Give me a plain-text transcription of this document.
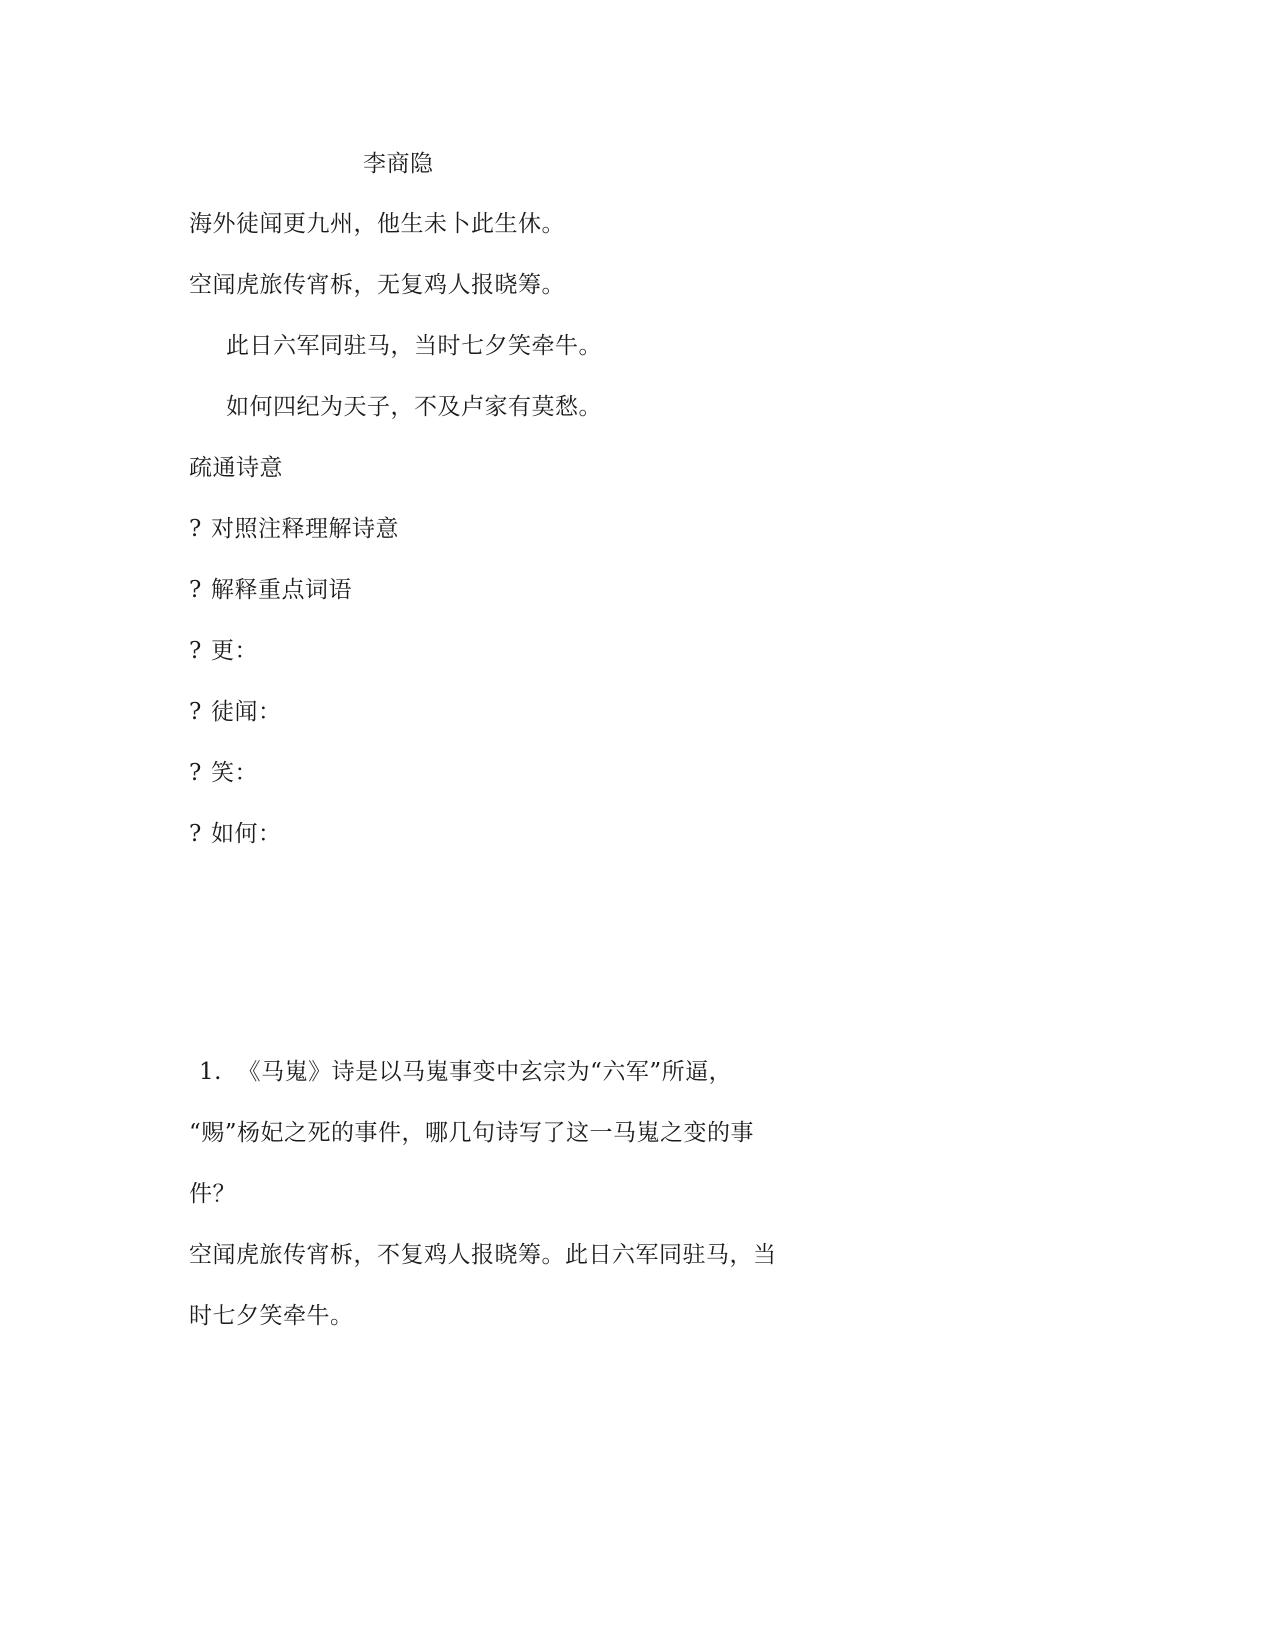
李商隐
海外徒闻更九州，他生未卜此生休。
空闻虎旅传宵柝，无复鸡人报晓筹。
此日六军同驻马，当时七夕笑牵牛。
如何四纪为天子，不及卢家有莫愁。
疏通诗意
? 对照注释理解诗意
? 解释重点词语
? 更：
? 徒闻：
? 笑：
? 如何：
1. 《马嵬》诗是以马嵬事变中玄宗为“六军”所逼，
“赐”杨妃之死的事件，哪几句诗写了这一马嵬之变的事
件？
空闻虎旅传宵柝，不复鸡人报晓筹。此日六军同驻马，当
时七夕笑牵牛。
